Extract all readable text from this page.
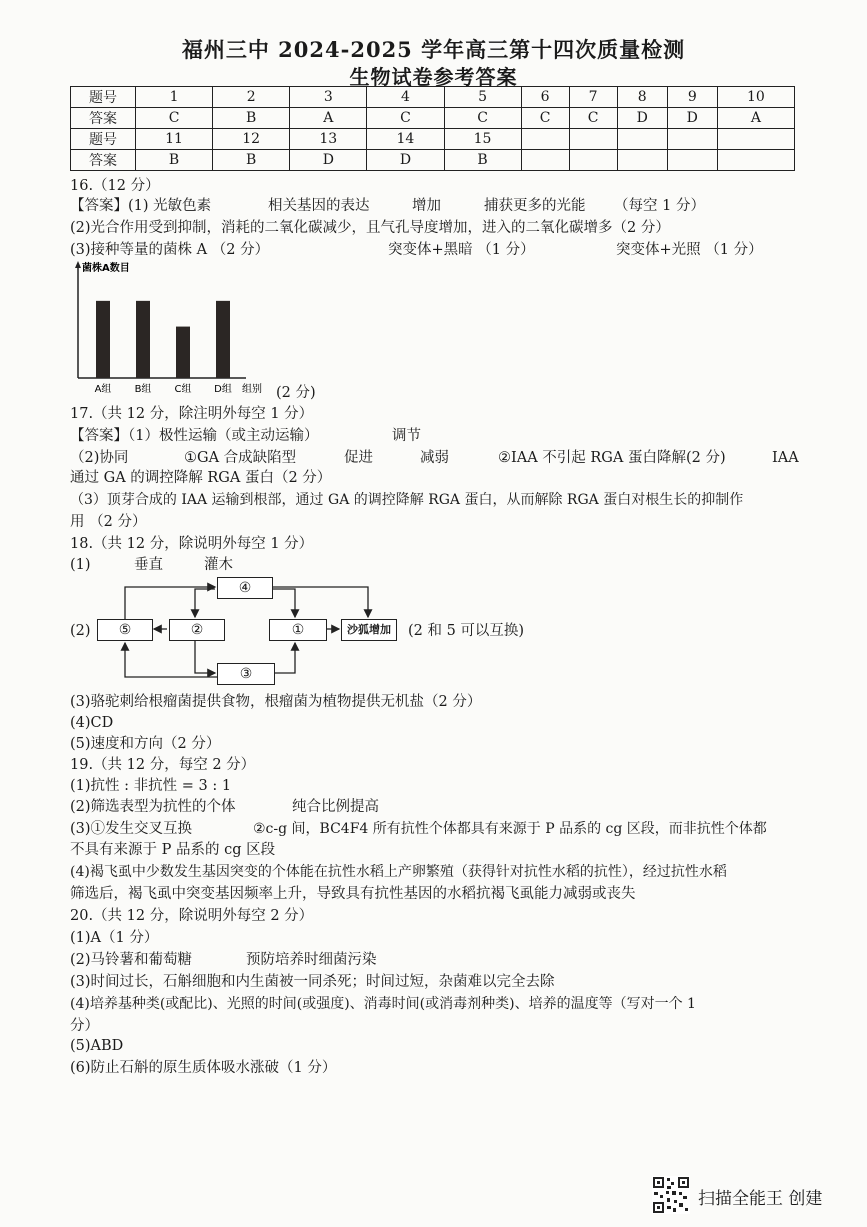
福州三中 2024-2025 学年高三第十四次质量检测
生物试卷参考答案
题号	1	2	3	4	5	6	7	8	9	10
答案	C	B	A	C	C	C	C	D	D	A
题号	11	12	13	14	15					
答案	B	B	D	D	B					
16.（12 分）
【答案】(1) 光敏色素	相关基因的表达	增加	捕获更多的光能 （每空 1 分）
(2)光合作用受到抑制，消耗的二氧化碳减少，且气孔导度增加，进入的二氧化碳增多（2 分）
(3)接种等量的菌株 A （2 分）	突变体+黑暗 （1 分）	突变体+光照 （1 分）
菌株A数目
组别
A组 B组 C组 D组	(2 分)
17.（共 12 分，除注明外每空 1 分）
【答案】（1）极性运输（或主动运输）	调节
（2)协同	①GA 合成缺陷型	促进	减弱	②IAA 不引起 RGA 蛋白降解(2 分)	IAA
通过 GA 的调控降解 RGA 蛋白（2 分）
（3）顶芽合成的 IAA 运输到根部，通过 GA 的调控降解 RGA 蛋白，从而解除 RGA 蛋白对根生长的抑制作
用 （2 分）
18.（共 12 分，除说明外每空 1 分）
(1)	垂直	灌木
(2)
④
⑤	②	①	沙狐增加
③
(2 和 5 可以互换)
(3)骆驼刺给根瘤菌提供食物，根瘤菌为植物提供无机盐（2 分）
(4)CD
(5)速度和方向（2 分）
19.（共 12 分，每空 2 分）
(1)抗性 : 非抗性 = 3 : 1
(2)筛选表型为抗性的个体	纯合比例提高
(3)①发生交叉互换	②c-g 间，BC4F4 所有抗性个体都具有来源于 P 品系的 cg 区段，而非抗性个体都
不具有来源于 P 品系的 cg 区段
(4)褐飞虱中少数发生基因突变的个体能在抗性水稻上产卵繁殖（获得针对抗性水稻的抗性），经过抗性水稻
筛选后，褐飞虱中突变基因频率上升，导致具有抗性基因的水稻抗褐飞虱能力减弱或丧失
20.（共 12 分，除说明外每空 2 分）
(1)A（1 分）
(2)马铃薯和葡萄糖	预防培养时细菌污染
(3)时间过长，石斛细胞和内生菌被一同杀死；时间过短，杂菌难以完全去除
(4)培养基种类(或配比)、光照的时间(或强度)、消毒时间(或消毒剂种类)、培养的温度等（写对一个 1
分）
(5)ABD
(6)防止石斛的原生质体吸水涨破（1 分）
扫描全能王 创建
